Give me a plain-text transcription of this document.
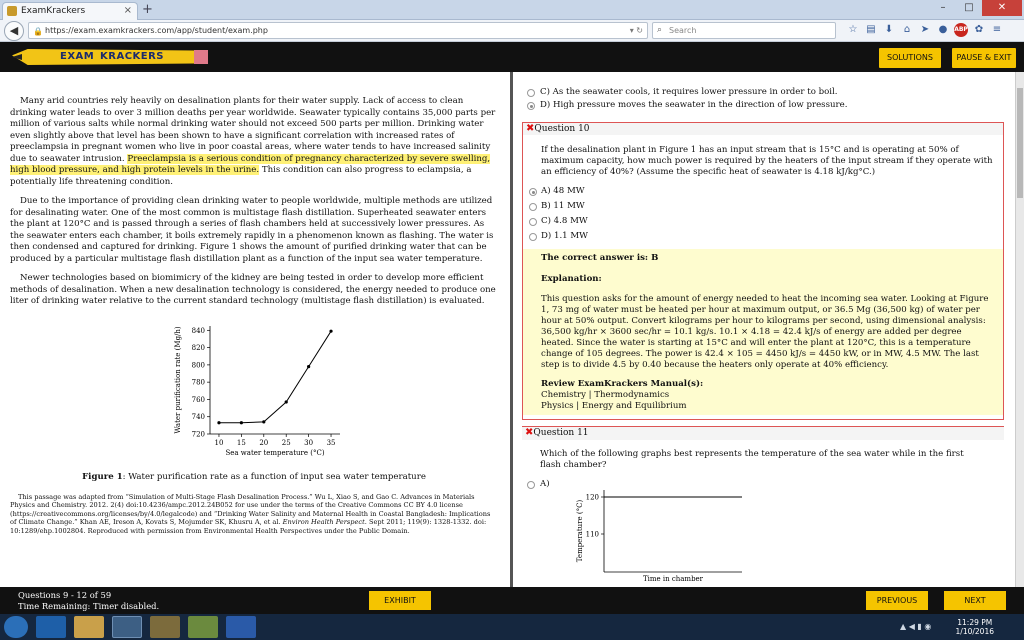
ExamKrackers	× +	–	□	✕
◀	🔒 https://exam.examkrackers.com/app/student/exam.php	▾ ↻ ⌕ Search	☆ ▤ ⬇	⌂	➤ ●	ABP ✿ ≡
EXAM KRACKERS	SOLUTIONS	PAUSE & EXIT

Many arid countries rely heavily on desalination plants for their water supply. Lack of access to clean drinking water leads to over 3 million deaths per year worldwide. Seawater typically contains 35,000 parts per million of various salts while normal drinking water should not exceed 500 parts per million. Drinking water even slightly above that level has been shown to have a significant correlation with increased rates of preeclampsia in pregnant women who live in poor coastal areas, where water tends to have increased salinity due to seawater intrusion. Preeclampsia is a serious condition of pregnancy characterized by severe swelling, high blood pressure, and high protein levels in the urine. This condition can also progress to eclampsia, a potentially life threatening condition.

Due to the importance of providing clean drinking water to people worldwide, multiple methods are utilized for desalinating water. One of the most common is multistage flash distillation. Superheated seawater enters the plant at 120°C and is passed through a series of flash chambers held at successively lower pressures. As the seawater enters each chamber, it boils extremely rapidly in a phenomenon known as flashing. The water is then condensed and captured for drinking. Figure 1 shows the amount of purified drinking water that can be produced by a particular multistage flash distillation plant as a function of the input sea water temperature.

Newer technologies based on biomimicry of the kidney are being tested in order to develop more efficient methods of desalination. When a new desalination technology is considered, the energy needed to produce one liter of drinking water relative to the current standard technology (multistage flash distillation) is evaluated.

720
740
760
780
800
820
840
10 15 20 25 30 35
Sea water temperature (°C)
Water purification rate (Mg/h)
Figure 1: Water purification rate as a function of input sea water temperature
This passage was adapted from “Simulation of Multi-Stage Flash Desalination Process.” Wu L, Xiao S, and Gao C. Advances in Materials Physics and Chemistry. 2012. 2(4) doi:10.4236/ampc.2012.24B052 for use under the terms of the Creative Commons CC BY 4.0 license (https://creativecommons.org/licenses/by/4.0/legalcode) and “Drinking Water Salinity and Maternal Health in Coastal Bangladesh: Implications of Climate Change.” Khan AE, Ireson A, Kovats S, Mojumder SK, Khusru A, et al. Environ Health Perspect. Sept 2011; 119(9): 1328-1332. doi: 10:1289/ehp.1002804. Reproduced with permission from Environmental Health Perspectives under the Public Domain.
C) As the seawater cools, it requires lower pressure in order to boil.
D) High pressure moves the seawater in the direction of low pressure.
✖Question 10
If the desalination plant in Figure 1 has an input stream that is 15°C and is operating at 50% of maximum capacity, how much power is required by the heaters of the input stream if they operate with an efficiency of 40%? (Assume the specific heat of seawater is 4.18 kJ/kg°C.)
A) 48 MW
B) 11 MW
C) 4.8 MW
D) 1.1 MW
The correct answer is: B
Explanation:
This question asks for the amount of energy needed to heat the incoming sea water. Looking at Figure 1, 73 mg of water must be heated per hour at maximum output, or 36.5 Mg (36,500 kg) of water per hour at 50% output. Convert kilograms per hour to kilograms per second, using dimensional analysis: 36,500 kg/hr × 3600 sec/hr = 10.1 kg/s. 10.1 × 4.18 = 42.4 kJ/s of energy are added per degree heated. Since the water is starting at 15°C and will enter the plant at 120°C, this is a temperature change of 105 degrees. The power is 42.4 × 105 = 4450 kJ/s = 4450 kW, or in MW, 4.5 MW. The last step is to divide 4.5 by 0.40 because the heaters only operate at 40% efficiency.
Review ExamKrackers Manual(s):
Chemistry | Thermodynamics
Physics | Energy and Equilibrium
✖Question 11
Which of the following graphs best represents the temperature of the sea water while in the first flash chamber?
A)
110
120
Time in chamber
Temperature (°C)
Questions 9 - 12 of 59
Time Remaining: Timer disabled.
EXHIBIT	PREVIOUS	NEXT
▲ ◀ ▮ ◉	11:29 PM
1/10/2016
